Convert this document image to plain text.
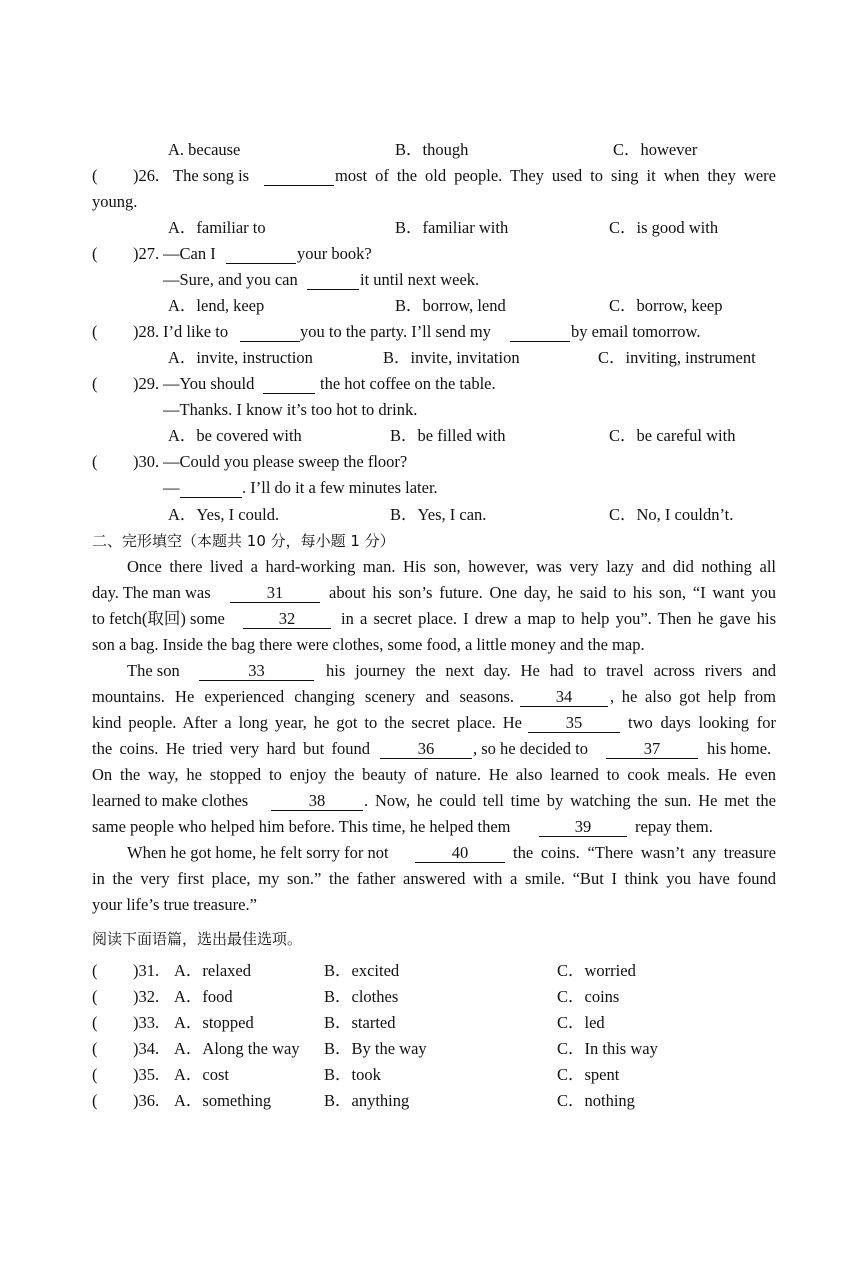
A. because

	B．though

	C．however

(

)26.

The song is

	most of the old people. They used to sing it when they were

young.

A．familiar to

	B．familiar with

	C．is good with

(

)27.

—Can I

	your book?

—Sure, and you can

	it until next week.

A．lend, keep

	B．borrow, lend

	C．borrow, keep

(

)28.

I’d like to

	you to the party. I’ll send my

	by email tomorrow.

A．invite, instruction

	B．invite, invitation

	C．inviting, instrument

(

)29.

—You should

	the hot coffee on the table.

—Thanks. I know it’s too hot to drink.

A．be covered with

	B．be filled with

	C．be careful with

(

)30.

—Could you please sweep the floor?

—

	. I’ll do it a few minutes later.

A．Yes, I could.

	B．Yes, I can.

	C．No, I couldn’t.

二、完形填空（本题共 10 分，每小题 1 分）

Once there lived a hard-working man. His son, however, was very lazy and did nothing all

day. The man was

	31

	about his son’s future. One day, he said to his son, “I want you

to fetch(取回) some

	32

	in a secret place. I drew a map to help you”. Then he gave his

son a bag. Inside the bag there were clothes, some food, a little money and the map.

The son

	33

	his journey the next day. He had to travel across rivers and

mountains. He experienced changing scenery and seasons.

	34

	, he also got help from

kind people. After a long year, he got to the secret place. He

	35

	two days looking for

the coins. He tried very hard but found

	36

	, so he decided to

	37

	his home.

On the way, he stopped to enjoy the beauty of nature. He also learned to cook meals. He even

learned to make clothes

	38

	. Now, he could tell time by watching the sun. He met the

same people who helped him before. This time, he helped them

	39

	repay them.

When he got home, he felt sorry for not

	40

	the coins. “There wasn’t any treasure

in the very first place, my son.” the father answered with a smile. “But I think you have found

your life’s true treasure.”

阅读下面语篇，选出最佳选项。

(

)31.

A．relaxed

	B．excited

	C．worried

(

)32.

A．food

	B．clothes

	C．coins

(

)33.

A．stopped

	B．started

	C．led

(

)34.

A．Along the way

B．By the way

	C．In this way

(

)35.

A．cost

	B．took

	C．spent

(

)36.

A．something

	B．anything

	C．nothing
